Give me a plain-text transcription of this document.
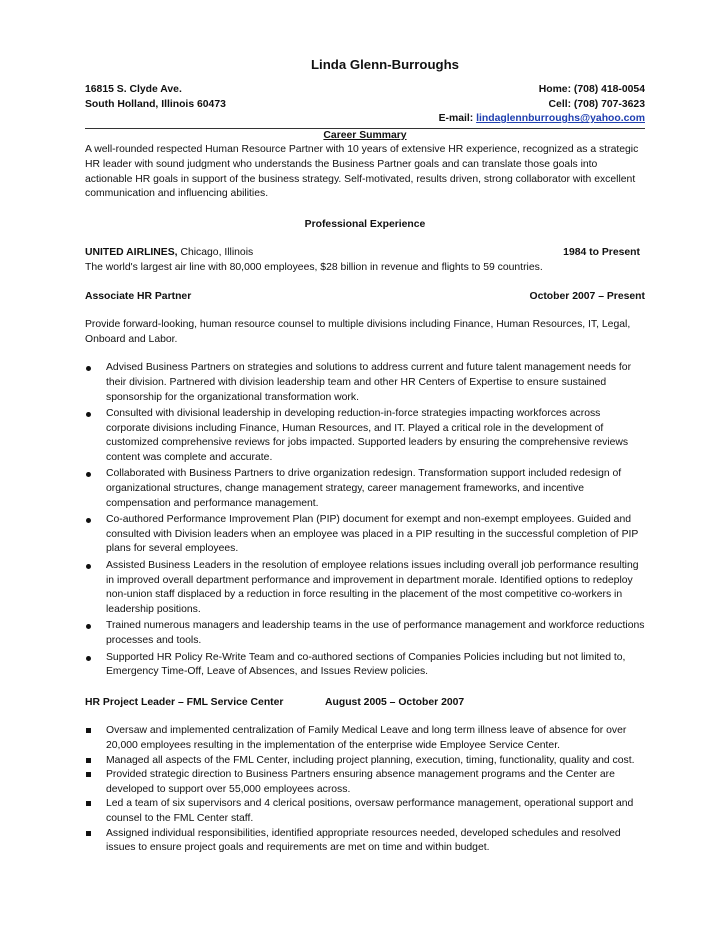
Linda Glenn-Burroughs
16815 S. Clyde Ave.	Home: (708) 418-0054
South Holland, Illinois 60473	Cell: (708) 707-3623
E-mail: lindaglennburroughs@yahoo.com
Career Summary

A well-rounded respected Human Resource Partner with 10 years of extensive HR experience, recognized as a strategic HR leader with sound judgment who understands the Business Partner goals and can translate those goals into actionable HR goals in support of the business strategy. Self-motivated, results driven, strong collaborator with excellent communication and influencing abilities.

Professional Experience
UNITED AIRLINES, Chicago, Illinois	1984 to Present
The world's largest air line with 80,000 employees, $28 billion in revenue and flights to 59 countries.
Associate HR Partner	October 2007 – Present

Provide forward-looking, human resource counsel to multiple divisions including Finance, Human Resources, IT, Legal, Onboard and Labor.

Advised Business Partners on strategies and solutions to address current and future talent management needs for their division. Partnered with division leadership team and other HR Centers of Expertise to ensure sustained sponsorship for the organizational transformation work.
Consulted with divisional leadership in developing reduction-in-force strategies impacting workforces across corporate divisions including Finance, Human Resources, and IT. Played a critical role in the development of customized comprehensive reviews for jobs impacted. Supported leaders by ensuring the comprehensive reviews content was complete and accurate.
Collaborated with Business Partners to drive organization redesign. Transformation support included redesign of organizational structures, change management strategy, career management frameworks, and incentive compensation and performance management.
Co-authored Performance Improvement Plan (PIP) document for exempt and non-exempt employees. Guided and consulted with Division leaders when an employee was placed in a PIP resulting in the successful completion of PIP plans for several employees.
Assisted Business Leaders in the resolution of employee relations issues including overall job performance resulting in improved overall department performance and improvement in department morale. Identified options to redeploy non-union staff displaced by a reduction in force resulting in the placement of the most competitive co-workers in leadership positions.
Trained numerous managers and leadership teams in the use of performance management and workforce reductions processes and tools.
Supported HR Policy Re-Write Team and co-authored sections of Companies Policies including but not limited to, Emergency Time-Off, Leave of Absences, and Issues Review policies.
HR Project Leader – FML Service Center	August 2005 – October 2007
Oversaw and implemented centralization of Family Medical Leave and long term illness leave of absence for over 20,000 employees resulting in the implementation of the enterprise wide Employee Service Center.
Managed all aspects of the FML Center, including project planning, execution, timing, functionality, quality and cost.
Provided strategic direction to Business Partners ensuring absence management programs and the Center are developed to support over 55,000 employees across.
Led a team of six supervisors and 4 clerical positions, oversaw performance management, operational support and counsel to the FML Center staff.
Assigned individual responsibilities, identified appropriate resources needed, developed schedules and resolved issues to ensure project goals and requirements are met on time and within budget.
